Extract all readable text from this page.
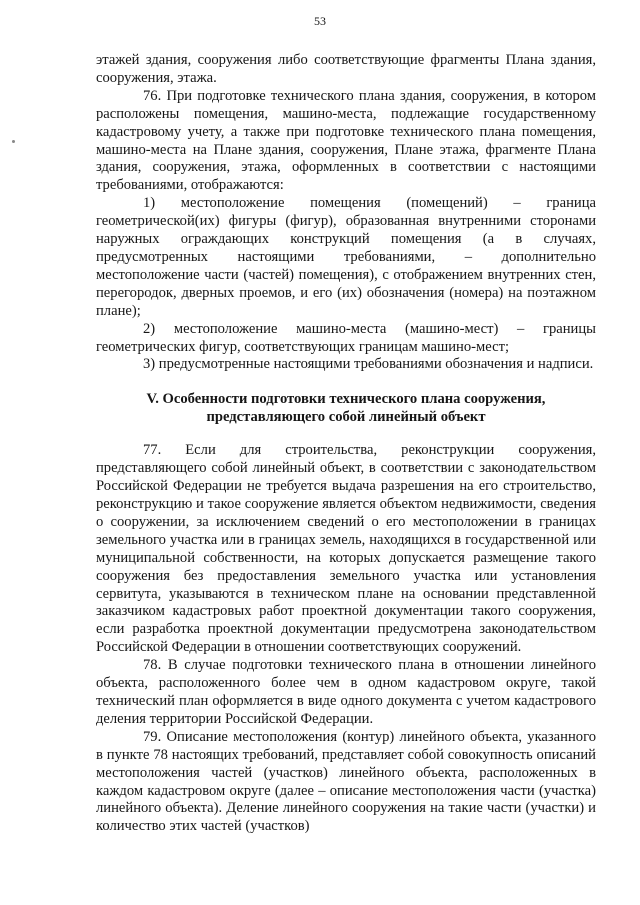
53

этажей здания, сооружения либо соответствующие фрагменты Плана здания, сооружения, этажа.

76. При подготовке технического плана здания, сооружения, в котором расположены помещения, машино-места, подлежащие государственному кадастровому учету, а также при подготовке технического плана помещения, машино-места на Плане здания, сооружения, Плане этажа, фрагменте Плана здания, сооружения, этажа, оформленных в соответствии с настоящими требованиями, отображаются:

1) местоположение помещения (помещений) – граница геометрической(их) фигуры (фигур), образованная внутренними сторонами наружных ограждающих конструкций помещения (а в случаях, предусмотренных настоящими требованиями, – дополнительно местоположение части (частей) помещения), с отображением внутренних стен, перегородок, дверных проемов, и его (их) обозначения (номера) на поэтажном плане);

2) местоположение машино-места (машино-мест) – границы геометрических фигур, соответствующих границам машино-мест;

3) предусмотренные настоящими требованиями обозначения и надписи.

V. Особенности подготовки технического плана сооружения,
представляющего собой линейный объект

77. Если для строительства, реконструкции сооружения, представляющего собой линейный объект, в соответствии с законодательством Российской Федерации не требуется выдача разрешения на его строительство, реконструкцию и такое сооружение является объектом недвижимости, сведения о сооружении, за исключением сведений о его местоположении в границах земельного участка или в границах земель, находящихся в государственной или муниципальной собственности, на которых допускается размещение такого сооружения без предоставления земельного участка или установления сервитута, указываются в техническом плане на основании представленной заказчиком кадастровых работ проектной документации такого сооружения, если разработка проектной документации предусмотрена законодательством Российской Федерации в отношении соответствующих сооружений.

78. В случае подготовки технического плана в отношении линейного объекта, расположенного более чем в одном кадастровом округе, такой технический план оформляется в виде одного документа с учетом кадастрового деления территории Российской Федерации.

79. Описание местоположения (контур) линейного объекта, указанного в пункте 78 настоящих требований, представляет собой совокупность описаний местоположения частей (участков) линейного объекта, расположенных в каждом кадастровом округе (далее – описание местоположения части (участка) линейного объекта). Деление линейного сооружения на такие части (участки) и количество этих частей (участков)
